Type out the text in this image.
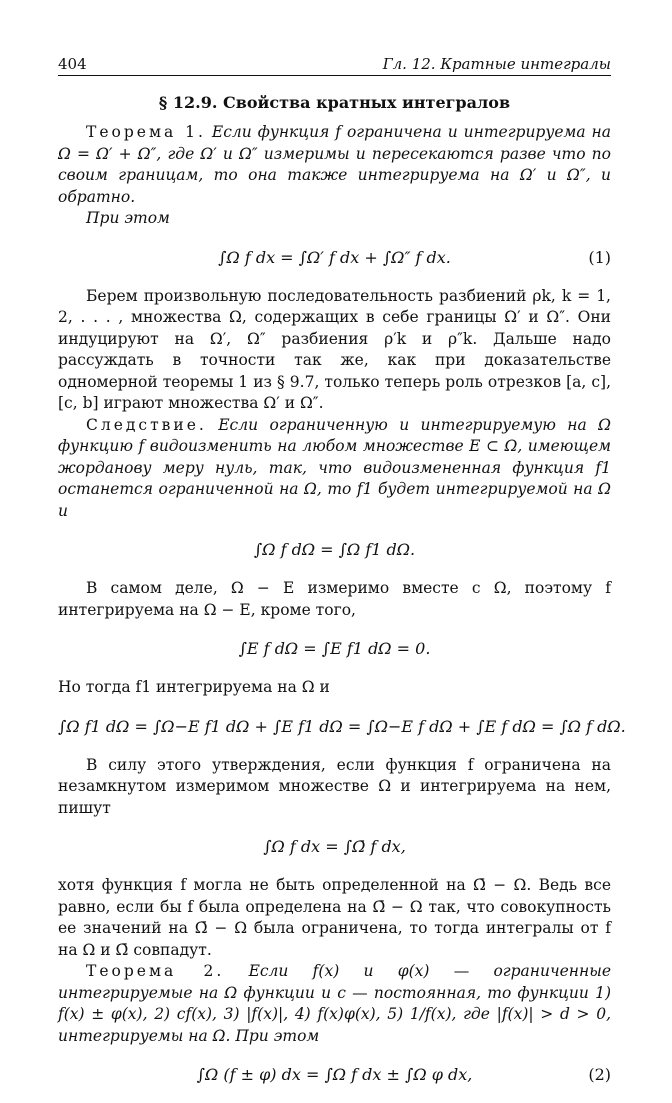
404	Гл. 12. Кратные интегралы
§ 12.9. Свойства кратных интегралов

Теорема 1. Если функция f ограничена и интегрируема на Ω = Ω′ + Ω″, где Ω′ и Ω″ измеримы и пересекаются разве что по своим границам, то она также интегрируема на Ω′ и Ω″, и обратно.

При этом

∫Ω f dx = ∫Ω′ f dx + ∫Ω″ f dx.	(1)

Берем произвольную последовательность разбиений ρk, k = 1, 2, . . . , множества Ω, содержащих в себе границы Ω′ и Ω″. Они индуцируют на Ω′, Ω″ разбиения ρ′k и ρ″k. Дальше надо рассуждать в точности так же, как при доказательстве одномерной теоремы 1 из § 9.7, только теперь роль отрезков [a, c], [c, b] играют множества Ω′ и Ω″.

Следствие. Если ограниченную и интегрируемую на Ω функцию f видоизменить на любом множестве E ⊂ Ω, имеющем жорданову меру нуль, так, что видоизмененная функция f1 останется ограниченной на Ω, то f1 будет интегрируемой на Ω и

∫Ω f dΩ = ∫Ω f1 dΩ.

В самом деле, Ω − E измеримо вместе с Ω, поэтому f интегрируема на Ω − E, кроме того,

∫E f dΩ = ∫E f1 dΩ = 0.

Но тогда f1 интегрируема на Ω и

∫Ω f1 dΩ = ∫Ω−E f1 dΩ + ∫E f1 dΩ = ∫Ω−E f dΩ + ∫E f dΩ = ∫Ω f dΩ.

В силу этого утверждения, если функция f ограничена на незамкнутом измеримом множестве Ω и интегрируема на нем, пишут

∫Ω f dx = ∫Ω̄ f dx,

хотя функция f могла не быть определенной на Ω̄ − Ω. Ведь все равно, если бы f была определена на Ω̄ − Ω так, что совокупность ее значений на Ω̄ − Ω была ограничена, то тогда интегралы от f на Ω и Ω̄ совпадут.

Теорема 2. Если f(x) и φ(x) — ограниченные интегрируемые на Ω функции и c — постоянная, то функции 1) f(x) ± φ(x), 2) cf(x), 3) |f(x)|, 4) f(x)φ(x), 5) 1/f(x), где |f(x)| > d > 0, интегрируемы на Ω. При этом

∫Ω (f ± φ) dx = ∫Ω f dx ± ∫Ω φ dx,	(2)
